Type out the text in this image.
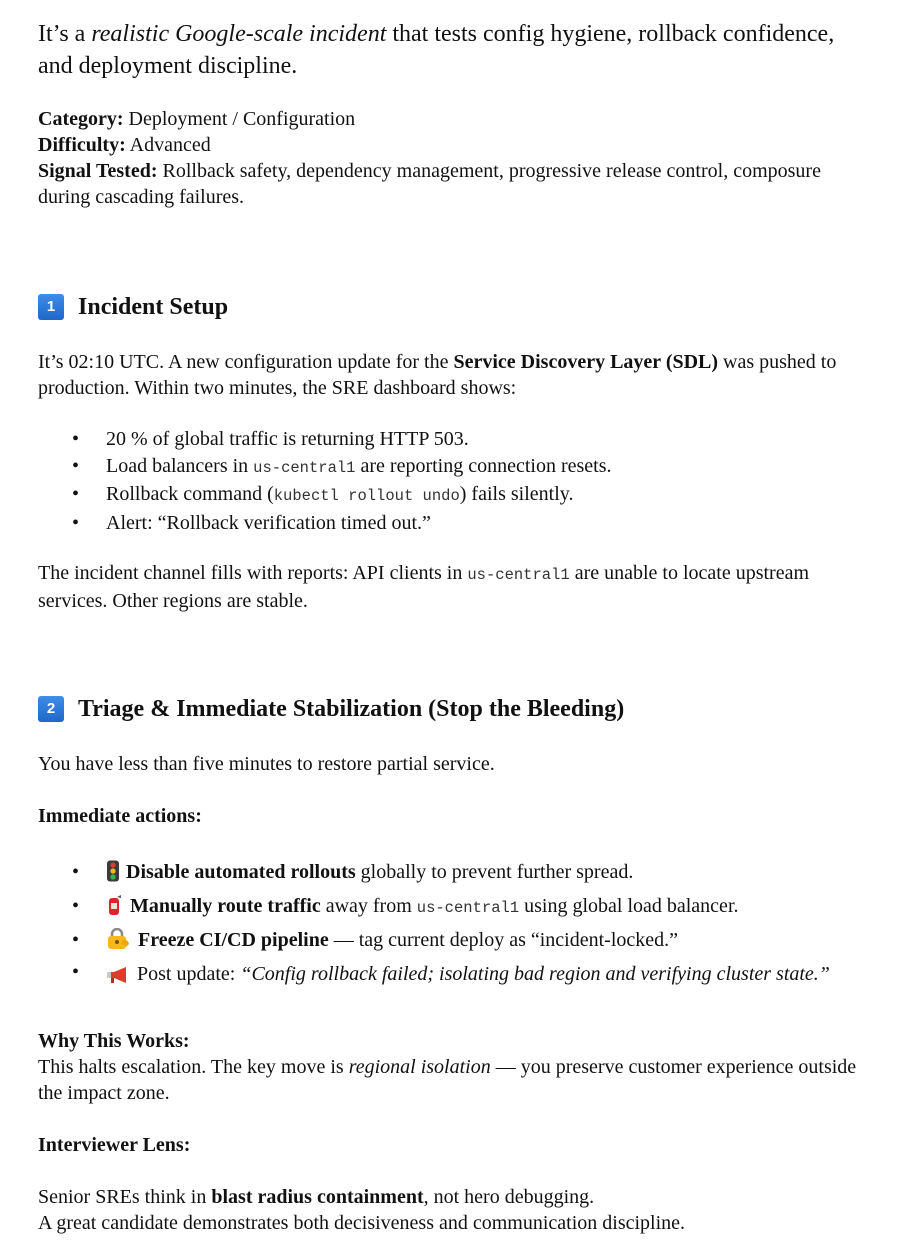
It’s a realistic Google-scale incident that tests config hygiene, rollback confidence, and deployment discipline.
Category: Deployment / Configuration
Difficulty: Advanced
Signal Tested: Rollback safety, dependency management, progressive release control, composure during cascading failures.
1 Incident Setup
It’s 02:10 UTC. A new configuration update for the Service Discovery Layer (SDL) was pushed to production. Within two minutes, the SRE dashboard shows:
• 20 % of global traffic is returning HTTP 503.
• Load balancers in us-central1 are reporting connection resets.
• Rollback command (kubectl rollout undo) fails silently.
• Alert: “Rollback verification timed out.”
The incident channel fills with reports: API clients in us-central1 are unable to locate upstream services. Other regions are stable.
2 Triage & Immediate Stabilization (Stop the Bleeding)
You have less than five minutes to restore partial service.
Immediate actions:
• Disable automated rollouts globally to prevent further spread.
• Manually route traffic away from us-central1 using global load balancer.
• Freeze CI/CD pipeline — tag current deploy as “incident-locked.”
• Post update: “Config rollback failed; isolating bad region and verifying cluster state.”
Why This Works:
This halts escalation. The key move is regional isolation — you preserve customer experience outside the impact zone.
Interviewer Lens:
Senior SREs think in blast radius containment, not hero debugging.
A great candidate demonstrates both decisiveness and communication discipline.
